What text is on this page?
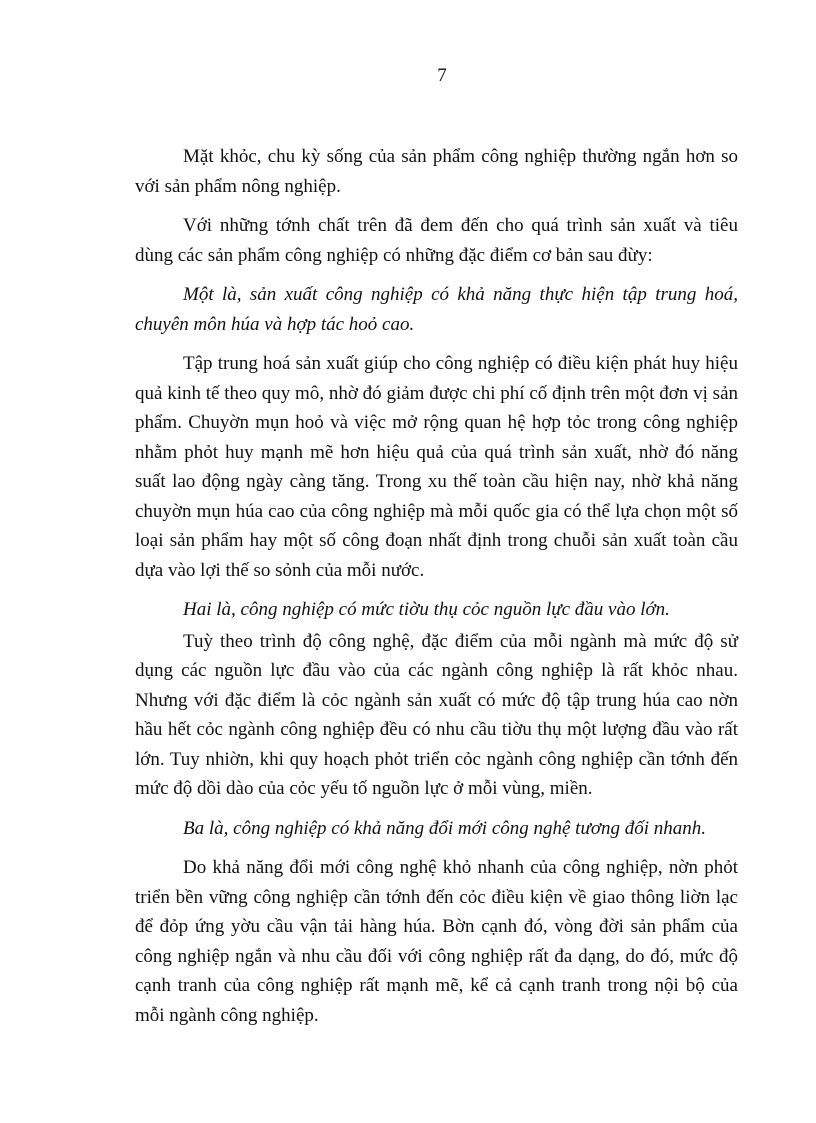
7

Mặt khỏc, chu kỳ sống của sản phẩm công nghiệp thường ngắn hơn so với sản phẩm nông nghiệp.

Với những tớnh chất trên đã đem đến cho quá trình sản xuất và tiêu dùng các sản phẩm công nghiệp có những đặc điểm cơ bản sau đừy:

Một là, sản xuất công nghiệp có khả năng thực hiện tập trung hoá, chuyên môn húa và hợp tác hoỏ cao.

Tập trung hoá sản xuất giúp cho công nghiệp có điều kiện phát huy hiệu quả kinh tế theo quy mô, nhờ đó giảm được chi phí cố định trên một đơn vị sản phẩm. Chuyờn mụn hoỏ và việc mở rộng quan hệ hợp tỏc trong công nghiệp nhằm phỏt huy mạnh mẽ hơn hiệu quả của quá trình sản xuất, nhờ đó năng suất lao động ngày càng tăng. Trong xu thế toàn cầu hiện nay, nhờ khả năng chuyờn mụn húa cao của công nghiệp mà mỗi quốc gia có thể lựa chọn một số loại sản phẩm hay một số công đoạn nhất định trong chuỗi sản xuất toàn cầu dựa vào lợi thế so sỏnh của mỗi nước.

Hai là, công nghiệp có mức tiờu thụ cỏc nguồn lực đầu vào lớn.

Tuỳ theo trình độ công nghệ, đặc điểm của mỗi ngành mà mức độ sử dụng các nguồn lực đầu vào của các ngành công nghiệp là rất khỏc nhau. Nhưng với đặc điểm là cỏc ngành sản xuất có mức độ tập trung húa cao nờn hầu hết cỏc ngành công nghiệp đều có nhu cầu tiờu thụ một lượng đầu vào rất lớn. Tuy nhiờn, khi quy hoạch phỏt triển cỏc ngành công nghiệp cần tớnh đến mức độ dồi dào của cỏc yếu tố nguồn lực ở mỗi vùng, miền.

Ba là, công nghiệp có khả năng đổi mới công nghệ tương đối nhanh.

Do khả năng đổi mới công nghệ khỏ nhanh của công nghiệp, nờn phỏt triển bền vững công nghiệp cần tớnh đến cỏc điều kiện về giao thông liờn lạc để đỏp ứng yờu cầu vận tải hàng húa. Bờn cạnh đó, vòng đời sản phẩm của công nghiệp ngắn và nhu cầu đối với công nghiệp rất đa dạng, do đó, mức độ cạnh tranh của công nghiệp rất mạnh mẽ, kể cả cạnh tranh trong nội bộ của mỗi ngành công nghiệp.
